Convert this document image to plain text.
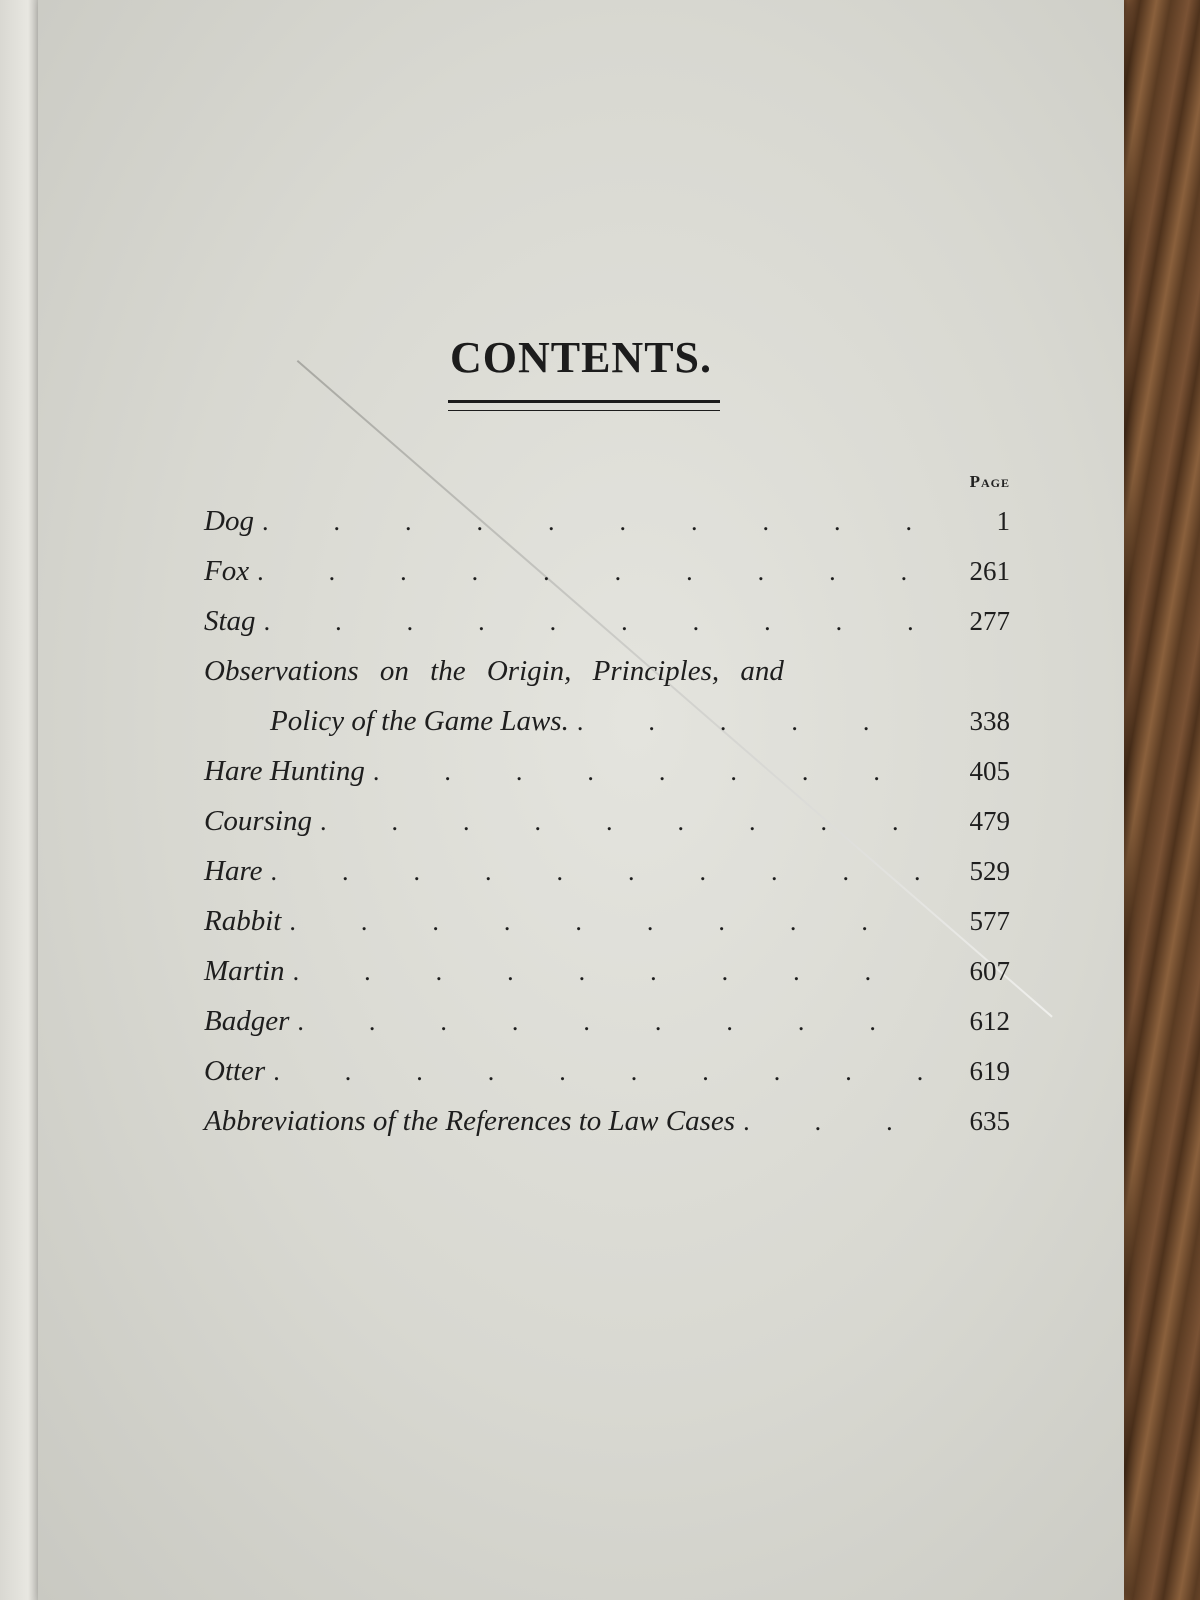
CONTENTS.
Page
Dog .	1
Fox .	261
Stag .	277
Observations on the Origin, Principles, and
Policy of the Game Laws. .	338
Hare Hunting .	405
Coursing .	479
Hare .	529
Rabbit .	577
Martin .	607
Badger .	612
Otter .	619
Abbreviations of the References to Law Cases .	635
